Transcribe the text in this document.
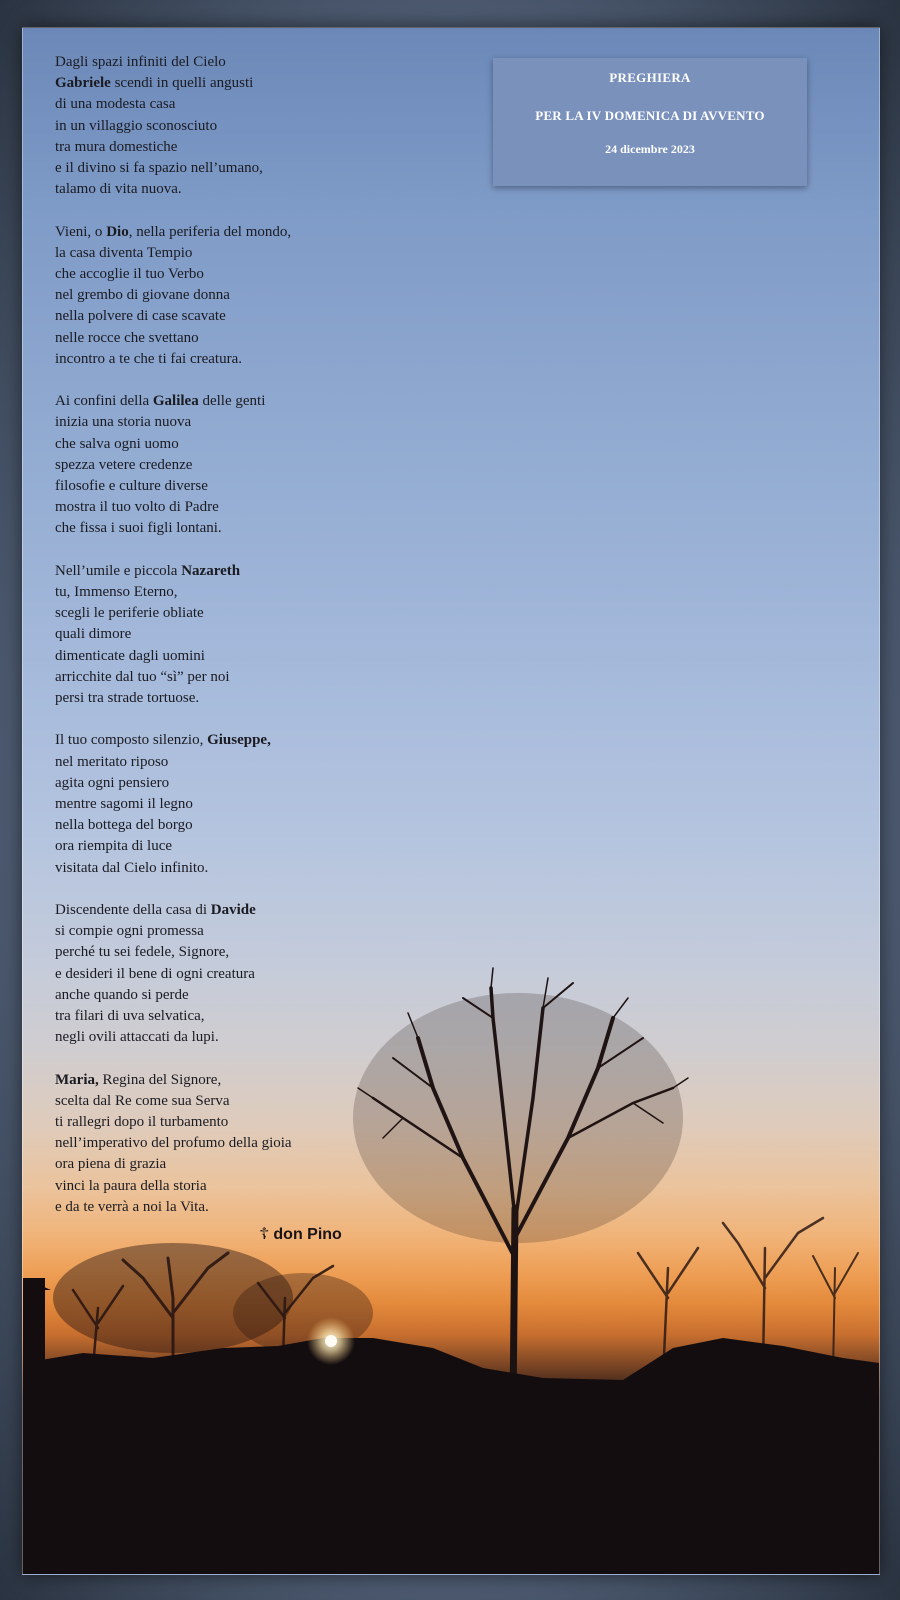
PREGHIERA
PER LA IV DOMENICA DI AVVENTO
24 dicembre 2023
Dagli spazi infiniti del Cielo
Gabriele scendi in quelli angusti
di una modesta casa
in un villaggio sconosciuto
tra mura domestiche
e il divino si fa spazio nell’umano,
talamo di vita nuova.
Vieni, o Dio, nella periferia del mondo,
la casa diventa Tempio
che accoglie il tuo Verbo
nel grembo di giovane donna
nella polvere di case scavate
nelle rocce che svettano
incontro a te che ti fai creatura.
Ai confini della Galilea delle genti
inizia una storia nuova
che salva ogni uomo
spezza vetere credenze
filosofie e culture diverse
mostra il tuo volto di Padre
che fissa i suoi figli lontani.
Nell’umile e piccola Nazareth
tu, Immenso Eterno,
scegli le periferie obliate
quali dimore
dimenticate dagli uomini
arricchite dal tuo “sì” per noi
persi tra strade tortuose.
Il tuo composto silenzio, Giuseppe,
nel meritato riposo
agita ogni pensiero
mentre sagomi il legno
nella bottega del borgo
ora riempita di luce
visitata dal Cielo infinito.
Discendente della casa di Davide
si compie ogni promessa
perché tu sei fedele, Signore,
e desideri il bene di ogni creatura
anche quando si perde
tra filari di uva selvatica,
negli ovili attaccati da lupi.
Maria, Regina del Signore,
scelta dal Re come sua Serva
ti rallegri dopo il turbamento
nell’imperativo del profumo della gioia
ora piena di grazia
vinci la paura della storia
e da te verrà a noi la Vita.
☦ don Pino
